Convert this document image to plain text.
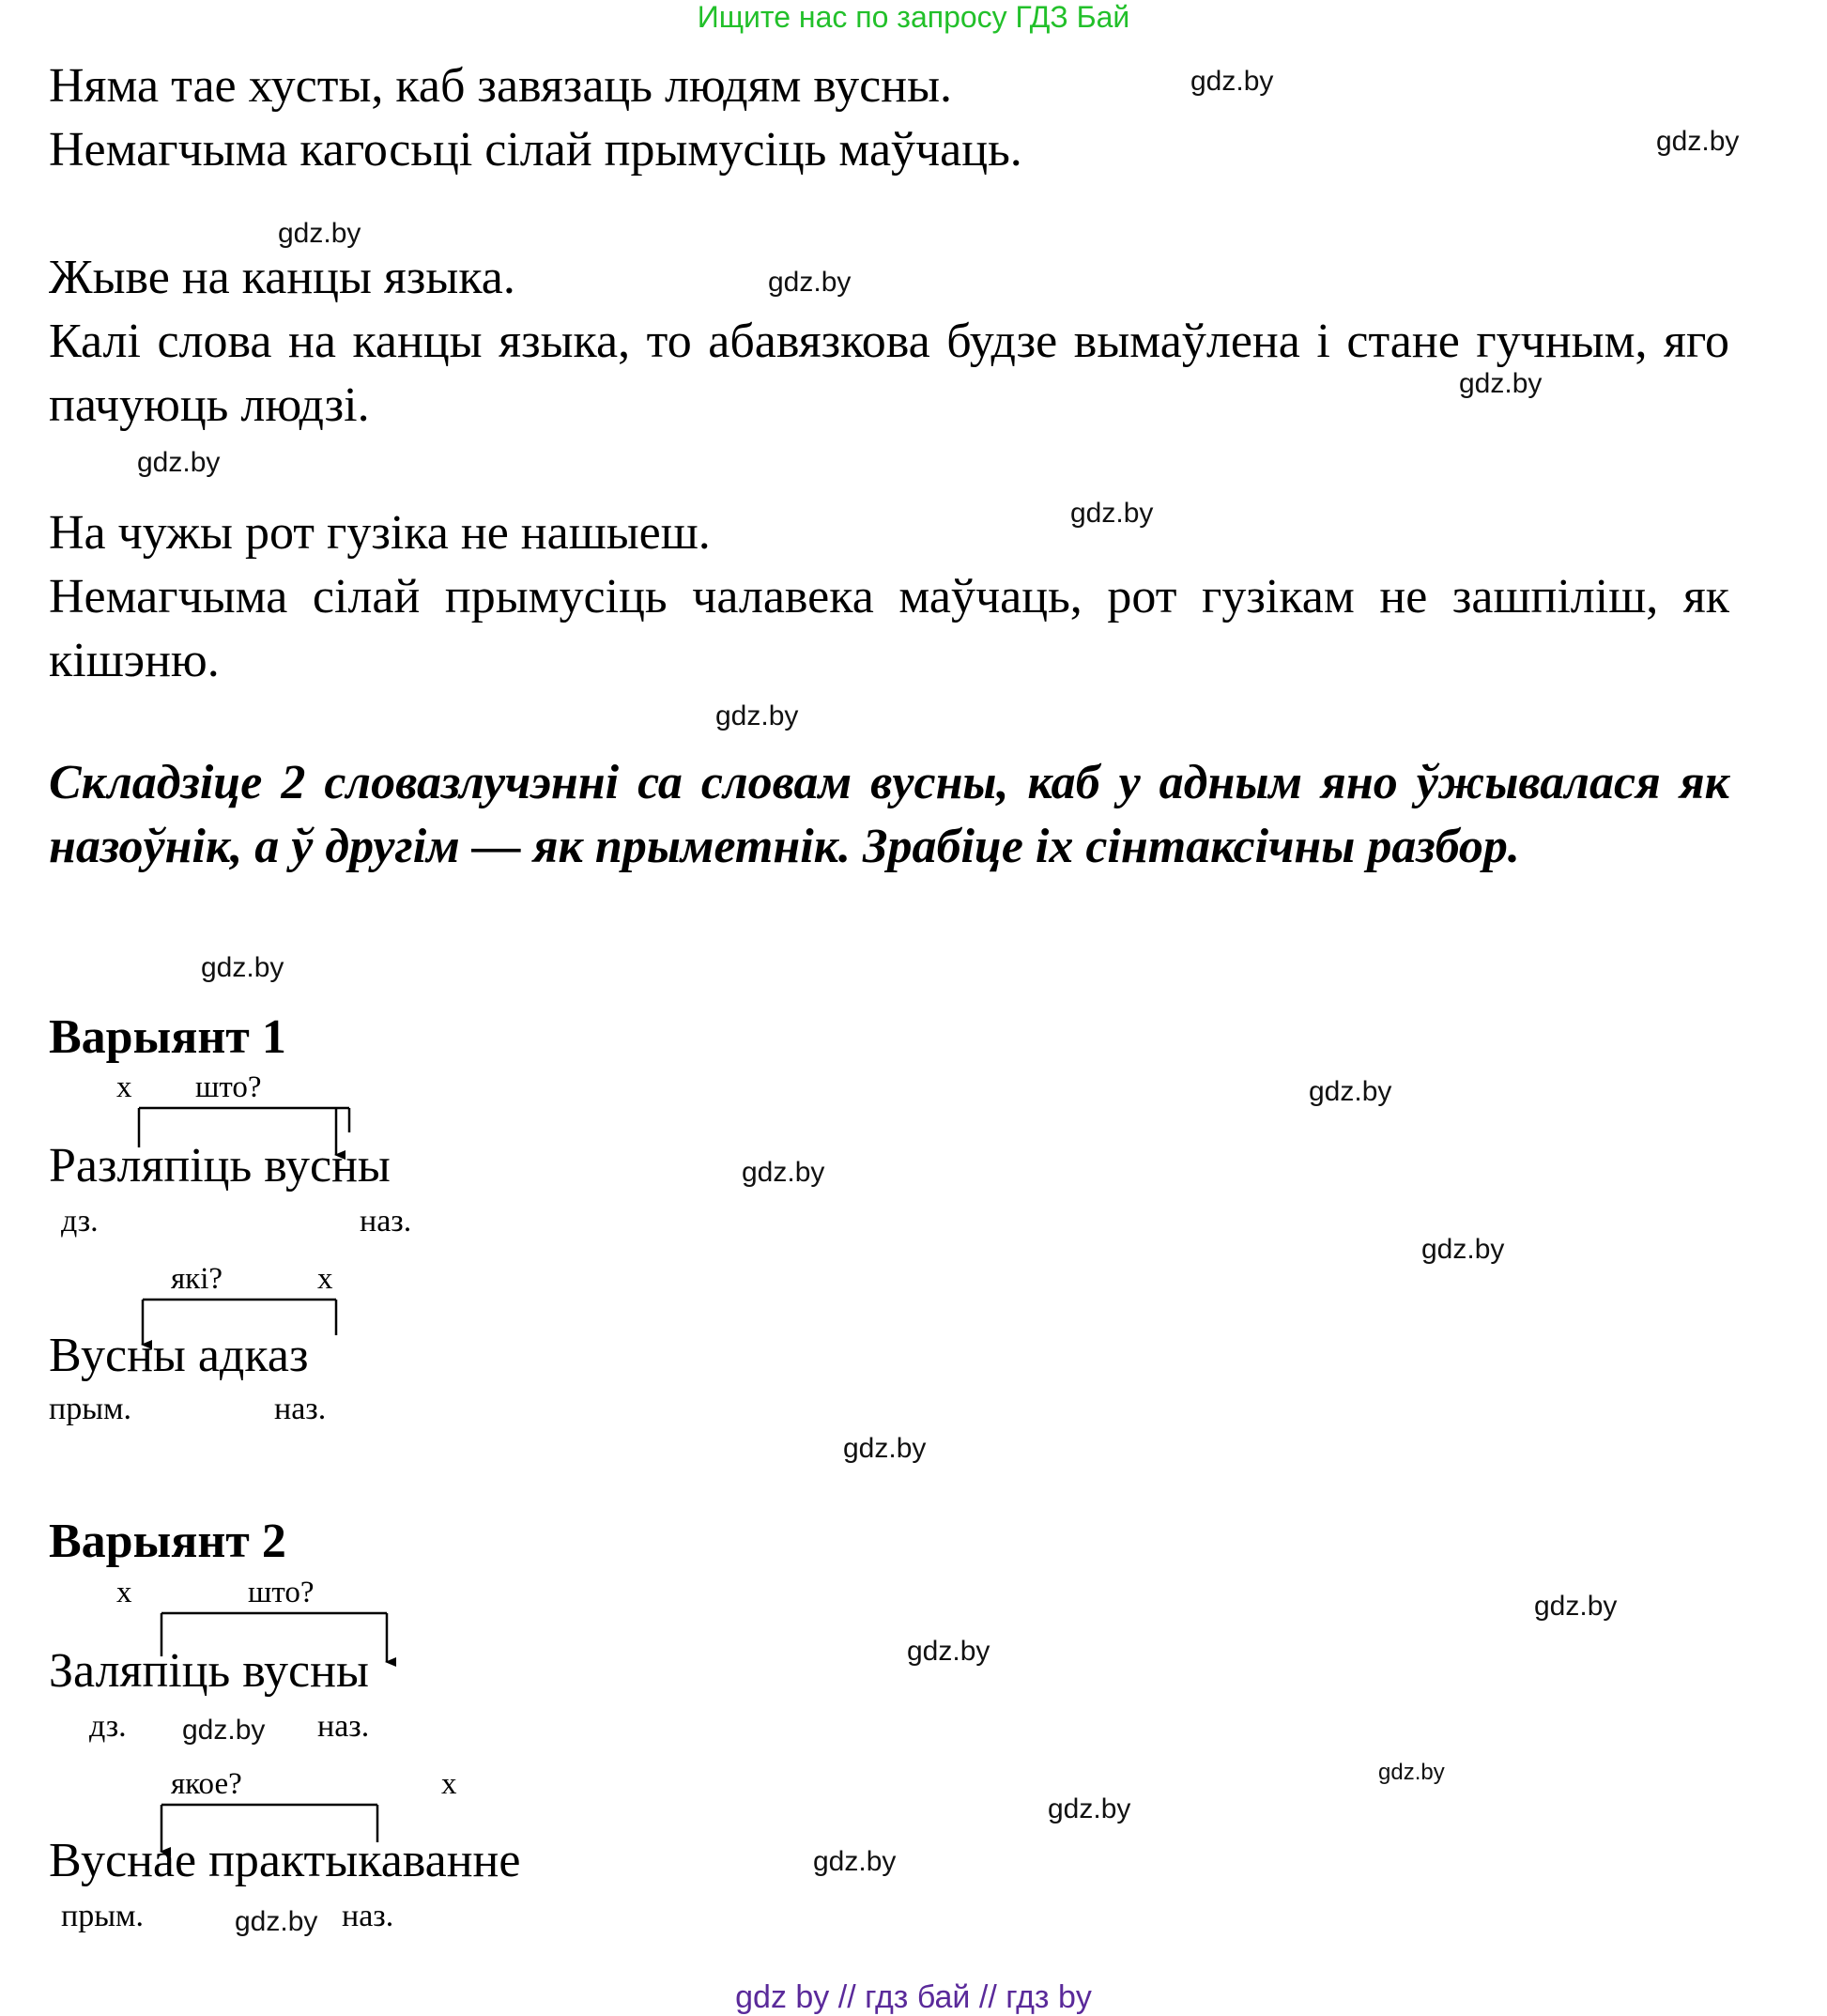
Ищите нас по запросу ГДЗ Бай
Няма тае хусты, каб завязаць людям вусны.
Немагчыма кагосьці сілай прымусіць маўчаць.
Жыве на канцы языка.
Калі слова на канцы языка, то абавязкова будзе вымаўлена і стане гучным, яго пачуюць людзі.
На чужы рот гузіка не нашыеш.
Немагчыма сілай прымусіць чалавека маўчаць, рот гузікам не зашпіліш, як кішэню.
Складзіце 2 словазлучэнні са словам вусны, каб у адным яно ўжывалася як назоўнік, а ў другім — як прыметнік. Зрабіце іх сінтаксічны разбор.
Варыянт 1
х што?
Разляпіць вусны
дз.	наз.
які?	х
Вусны адказ
прым.	наз.
Варыянт 2
х	што?
Заляпіць вусны
дз.	наз.
якое?	х
Вуснае практыкаванне
прым.	наз.
gdz.by
gdz.by
gdz.by
gdz.by
gdz.by
gdz.by
gdz.by
gdz.by
gdz.by
gdz.by
gdz.by
gdz.by
gdz.by
gdz.by
gdz.by
gdz.by
gdz.by
gdz.by
gdz.by
gdz.by
gdz by // гдз бай // гдз by
